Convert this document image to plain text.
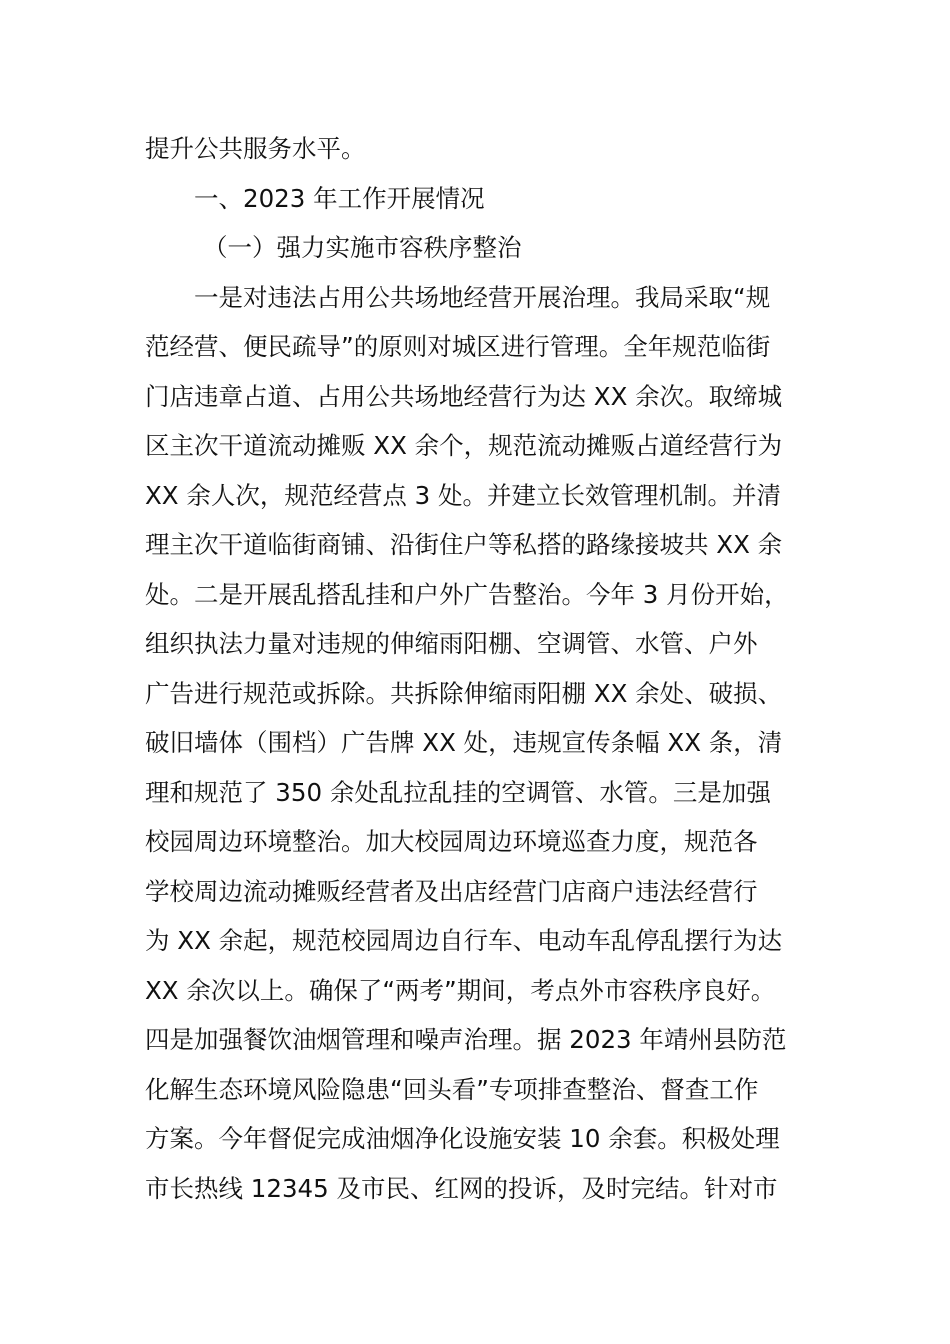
提升公共服务水平。
一、2023 年工作开展情况
（一）强力实施市容秩序整治
一是对违法占用公共场地经营开展治理。我局采取“规
范经营、便民疏导”的原则对城区进行管理。全年规范临街
门店违章占道、占用公共场地经营行为达 XX 余次。取缔城
区主次干道流动摊贩 XX 余个，规范流动摊贩占道经营行为
XX 余人次，规范经营点 3 处。并建立长效管理机制。并清
理主次干道临街商铺、沿街住户等私搭的路缘接坡共 XX 余
处。二是开展乱搭乱挂和户外广告整治。今年 3 月份开始，
组织执法力量对违规的伸缩雨阳棚、空调管、水管、户外
广告进行规范或拆除。共拆除伸缩雨阳棚 XX 余处、破损、
破旧墙体（围档）广告牌 XX 处，违规宣传条幅 XX 条，清
理和规范了 350 余处乱拉乱挂的空调管、水管。三是加强
校园周边环境整治。加大校园周边环境巡查力度，规范各
学校周边流动摊贩经营者及出店经营门店商户违法经营行
为 XX 余起，规范校园周边自行车、电动车乱停乱摆行为达
XX 余次以上。确保了“两考”期间，考点外市容秩序良好。
四是加强餐饮油烟管理和噪声治理。据 2023 年靖州县防范
化解生态环境风险隐患“回头看”专项排查整治、督查工作
方案。今年督促完成油烟净化设施安装 10 余套。积极处理
市长热线 12345 及市民、红网的投诉，及时完结。针对市
